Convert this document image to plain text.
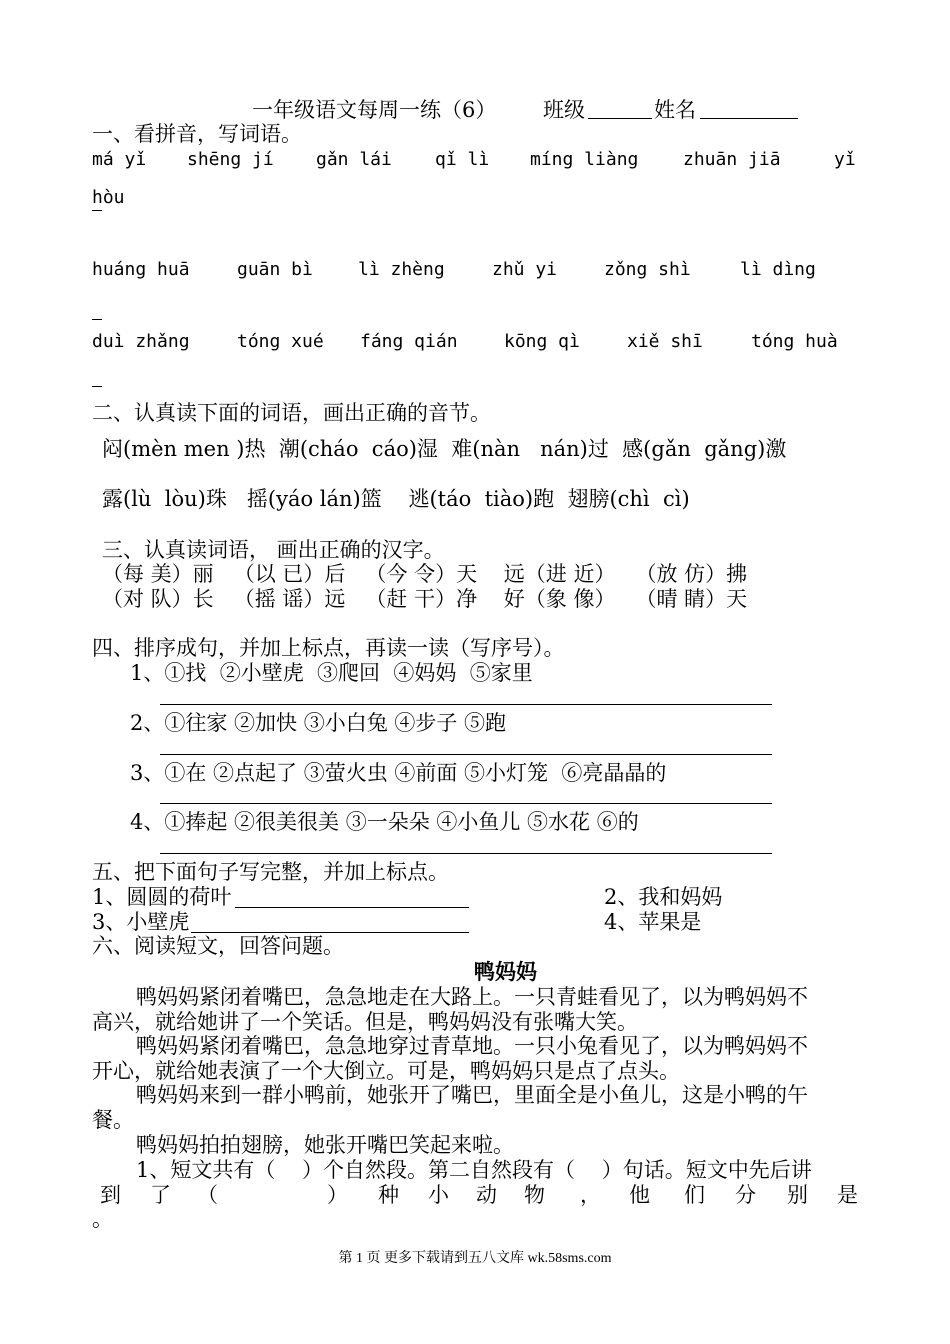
一年级语文每周一练（6） 班级	姓名
一、看拼音，写词语。
má yǐ shēng jí gǎn lái qǐ lì míng liàng zhuān jiā	yǐ
hòu
huáng huā	guān bì	lì zhèng	zhǔ yi	zǒng shì	lì dìng
duì zhǎng	tóng xué fáng qián	kōng qì	xiě shī	tóng huà
二、认真读下面的词语，画出正确的音节。
闷(mèn men )热  潮(cháo  cáo)湿  难(nàn   nán)过  感(gǎn  gǎng)激
露(lù  lòu)珠   摇(yáo lán)篮    逃(táo  tiào)跑  翅膀(chì  cì)
三、认真读词语， 画出正确的汉字。
（每 美）丽   （以 已）后   （今 令）天    远（进 近）   （放 仿）拂
（对 队）长   （摇 谣）远   （赶 干）净    好（象 像）   （晴 睛）天
四、排序成句，并加上标点，再读一读（写序号）。
1、①找  ②小壁虎  ③爬回  ④妈妈  ⑤家里
2、①往家 ②加快 ③小白兔 ④步子 ⑤跑
3、①在 ②点起了 ③萤火虫 ④前面 ⑤小灯笼  ⑥亮晶晶的
4、①捧起 ②很美很美 ③一朵朵 ④小鱼儿 ⑤水花 ⑥的
五、把下面句子写完整，并加上标点。
1、圆圆的荷叶	2、我和妈妈
3、小壁虎	4、苹果是
六、阅读短文，回答问题。
鸭妈妈
鸭妈妈紧闭着嘴巴，急急地走在大路上。一只青蛙看见了，以为鸭妈妈不
高兴，就给她讲了一个笑话。但是，鸭妈妈没有张嘴大笑。
鸭妈妈紧闭着嘴巴，急急地穿过青草地。一只小兔看见了，以为鸭妈妈不
开心，就给她表演了一个大倒立。可是，鸭妈妈只是点了点头。
鸭妈妈来到一群小鸭前，她张开了嘴巴，里面全是小鱼儿，这是小鸭的午
餐。
鸭妈妈拍拍翅膀，她张开嘴巴笑起来啦。
1、短文共有（    ）个自然段。第二自然段有（    ）句话。短文中先后讲
到 了 （	） 种 小 动 物 ， 他 们 分 别 是
。
第 1 页 更多下载请到五八文库 wk.58sms.com
